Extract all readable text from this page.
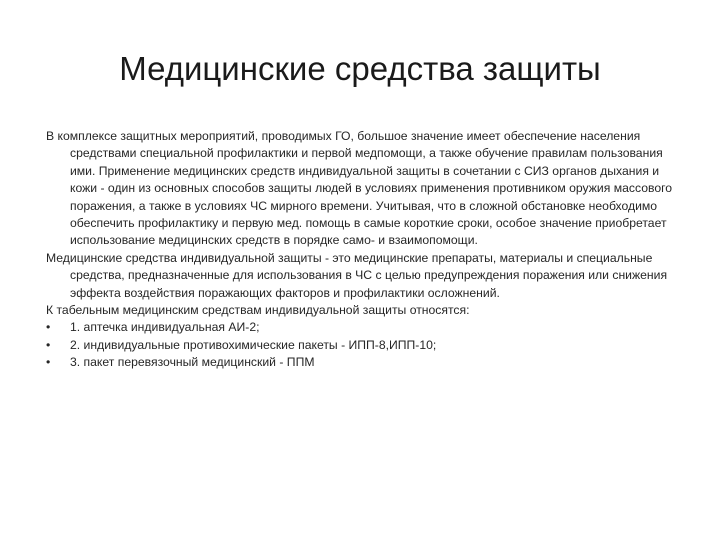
Медицинские средства защиты

В комплексе защитных мероприятий, проводимых ГО, большое значение имеет обеспечение населения средствами специальной профилактики и первой медпомощи, а также обучение правилам пользования ими. Применение медицинских средств индивидуальной защиты в сочетании с СИЗ органов дыхания и кожи - один из основных способов защиты людей в условиях применения противником оружия массового поражения, а также в условиях ЧС мирного времени. Учитывая, что в сложной обстановке необходимо обеспечить профилактику и первую мед. помощь в самые короткие сроки, особое значение приобретает использование медицинских средств в порядке само- и взаимопомощи.

Медицинские средства индивидуальной защиты - это медицинские препараты, материалы и специальные средства, предназначенные для использования в ЧС с целью предупреждения поражения или снижения эффекта воздействия поражающих факторов и профилактики осложнений.

К табельным медицинским средствам индивидуальной защиты относятся:

•	1. аптечка индивидуальная АИ-2;
•	2. индивидуальные противохимические пакеты - ИПП-8,ИПП-10;
•	3. пакет перевязочный медицинский - ППМ
